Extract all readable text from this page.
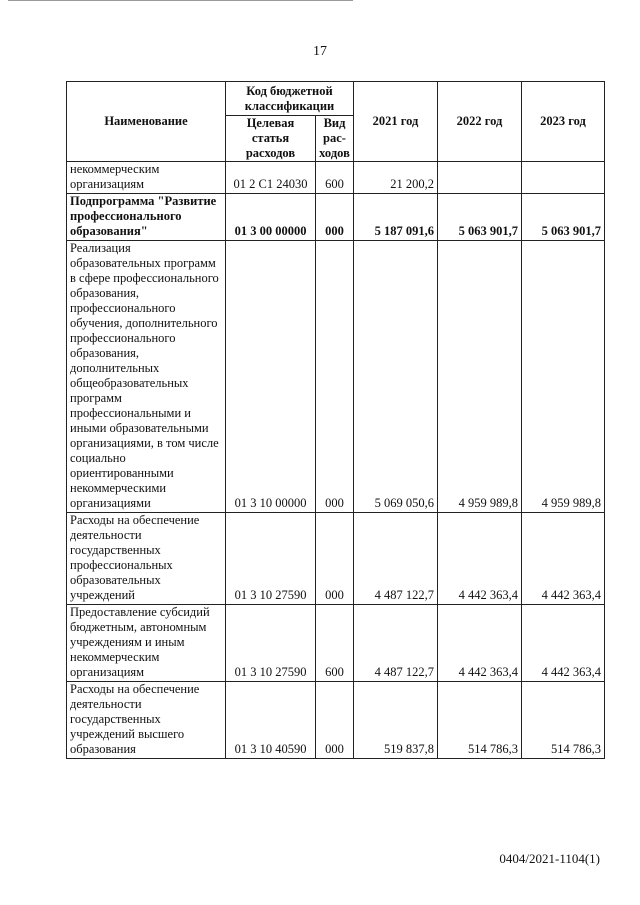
17
Наименование	Код бюджетной классификации		2021 год	2022 год	2023 год
	Целевая статья расходов	Вид рас-ходов			
некоммерческим организациям	01 2 С1 24030	600	21 200,2		
Подпрограмма "Развитие профессионального образования"	01 3 00 00000	000	5 187 091,6	5 063 901,7	5 063 901,7
Реализация образовательных программ в сфере профессионального образования, профессионального обучения, дополнительного профессионального образования, дополнительных общеобразовательных программ профессиональными и иными образовательными организациями, в том числе социально ориентированными некоммерческими организациями	01 3 10 00000	000	5 069 050,6	4 959 989,8	4 959 989,8
Расходы на обеспечение деятельности государственных профессиональных образовательных учреждений	01 3 10 27590	000	4 487 122,7	4 442 363,4	4 442 363,4
Предоставление субсидий бюджетным, автономным учреждениям и иным некоммерческим организациям	01 3 10 27590	600	4 487 122,7	4 442 363,4	4 442 363,4
Расходы на обеспечение деятельности государственных учреждений высшего образования	01 3 10 40590	000	519 837,8	514 786,3	514 786,3
0404/2021-1104(1)
